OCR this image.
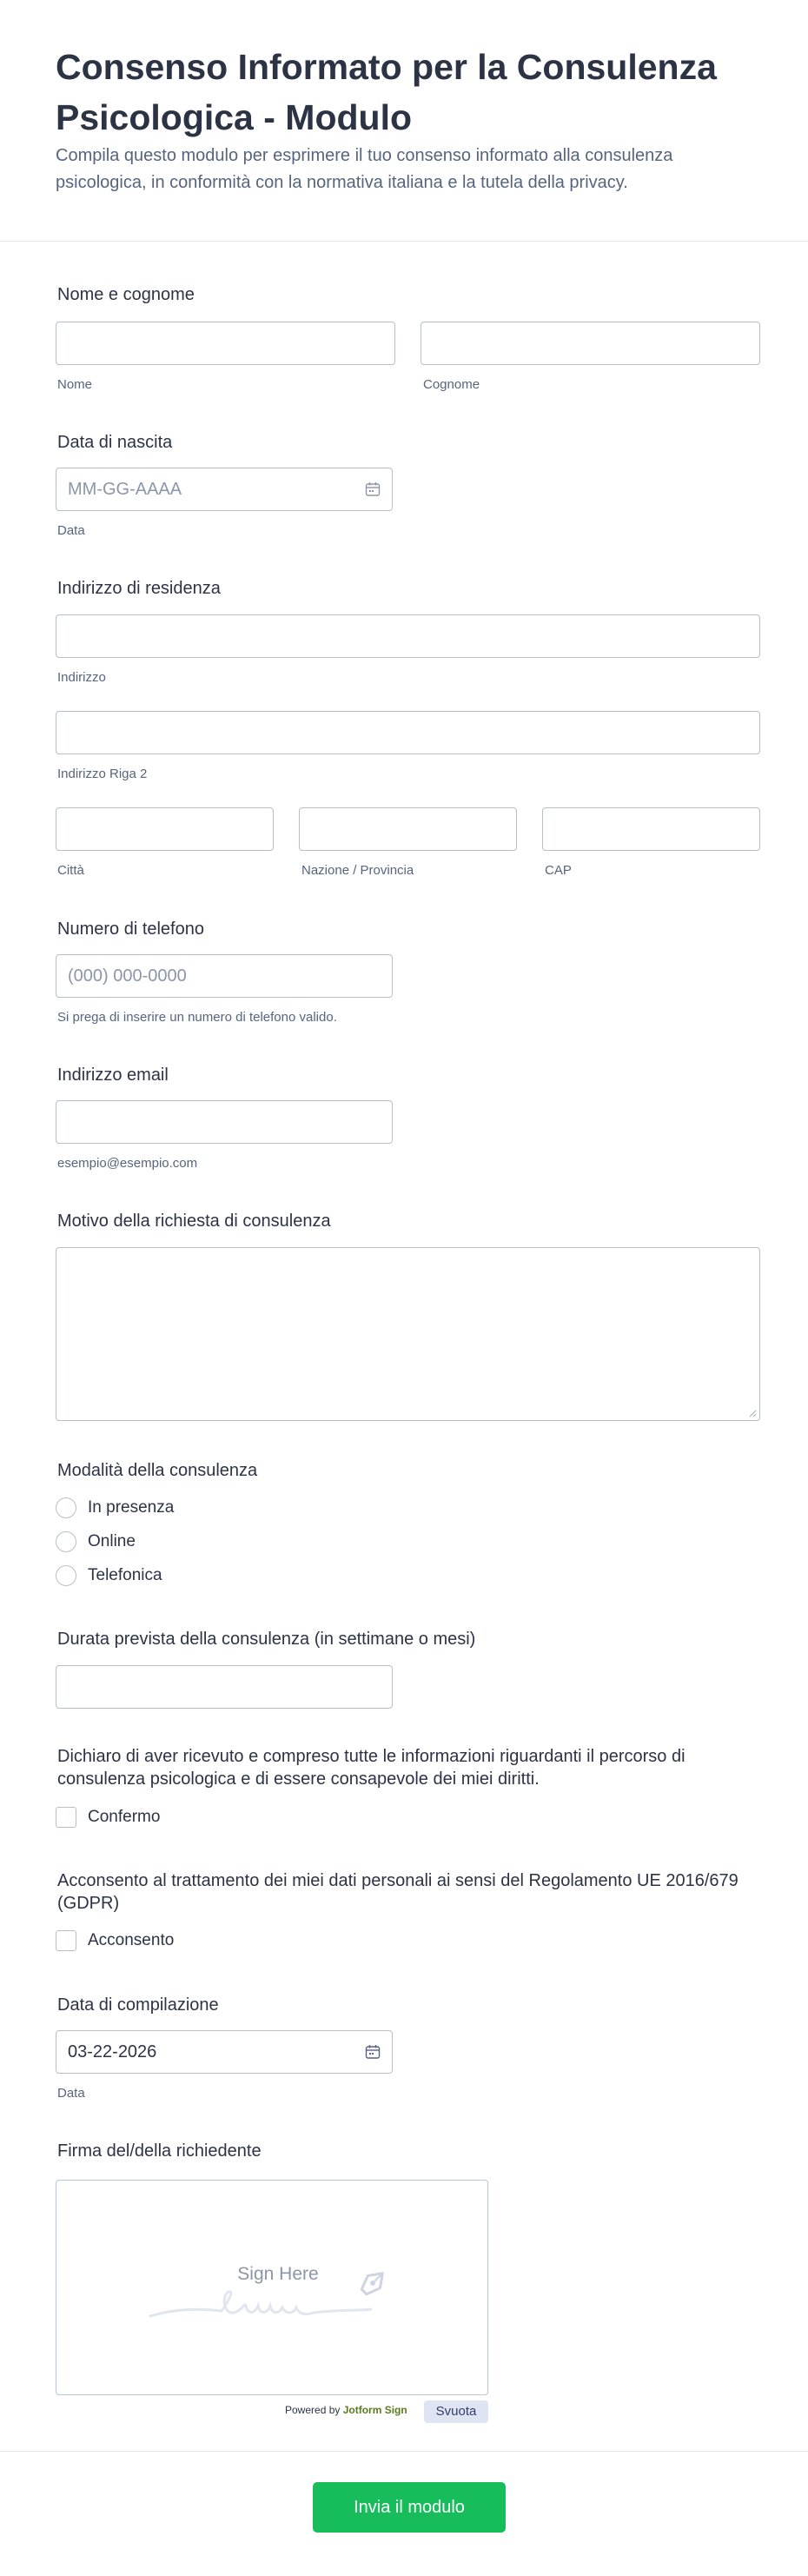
Consenso Informato per la Consulenza Psicologica - Modulo
Compila questo modulo per esprimere il tuo consenso informato alla consulenza psicologica, in conformità con la normativa italiana e la tutela della privacy.
Nome e cognome
Nome	Cognome
Data di nascita
MM-GG-AAAA
Data
Indirizzo di residenza
Indirizzo
Indirizzo Riga 2
Città	Nazione / Provincia	CAP
Numero di telefono
(000) 000-0000
Si prega di inserire un numero di telefono valido.
Indirizzo email
esempio@esempio.com
Motivo della richiesta di consulenza
Modalità della consulenza
In presenza
Online
Telefonica
Durata prevista della consulenza (in settimane o mesi)
Dichiaro di aver ricevuto e compreso tutte le informazioni riguardanti il percorso di consulenza psicologica e di essere consapevole dei miei diritti.
Confermo
Acconsento al trattamento dei miei dati personali ai sensi del Regolamento UE 2016/679 (GDPR)
Acconsento
Data di compilazione
03-22-2026
Data
Firma del/della richiedente
Sign Here
Powered by Jotform Sign	Svuota
Invia il modulo
